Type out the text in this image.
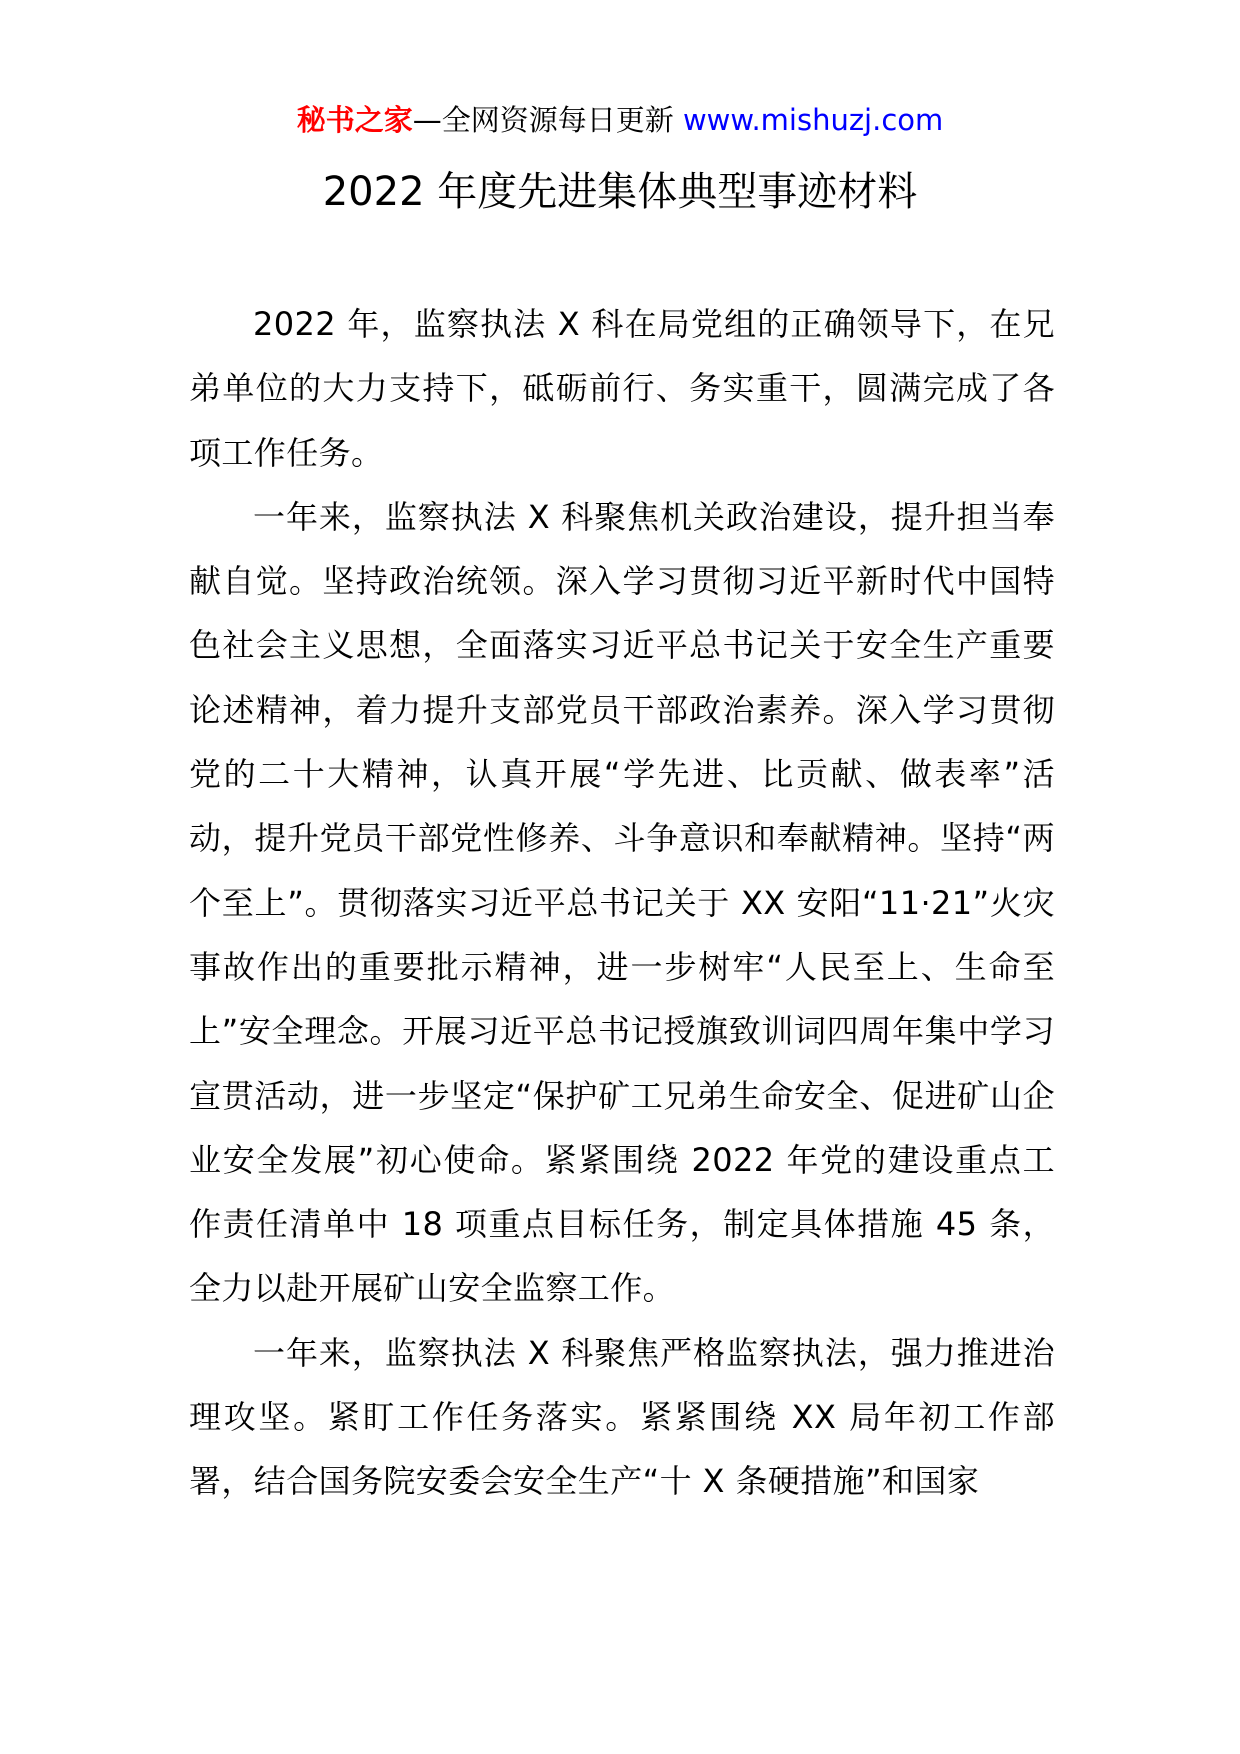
秘书之家—全网资源每日更新 www.mishuzj.com
2022 年度先进集体典型事迹材料

2022 年，监察执法 X 科在局党组的正确领导下，在兄弟单位的大力支持下，砥砺前行、务实重干，圆满完成了各项工作任务。

一年来，监察执法 X 科聚焦机关政治建设，提升担当奉献自觉。坚持政治统领。深入学习贯彻习近平新时代中国特色社会主义思想，全面落实习近平总书记关于安全生产重要论述精神，着力提升支部党员干部政治素养。深入学习贯彻党的二十大精神，认真开展“学先进、比贡献、做表率”活动，提升党员干部党性修养、斗争意识和奉献精神。坚持“两个至上”。贯彻落实习近平总书记关于 XX 安阳“11·21”火灾事故作出的重要批示精神，进一步树牢“人民至上、生命至上”安全理念。开展习近平总书记授旗致训词四周年集中学习宣贯活动，进一步坚定“保护矿工兄弟生命安全、促进矿山企业安全发展”初心使命。紧紧围绕 2022 年党的建设重点工作责任清单中 18 项重点目标任务，制定具体措施 45 条，全力以赴开展矿山安全监察工作。

一年来，监察执法 X 科聚焦严格监察执法，强力推进治理攻坚。紧盯工作任务落实。紧紧围绕 XX 局年初工作部署，结合国务院安委会安全生产“十 X 条硬措施”和国家
